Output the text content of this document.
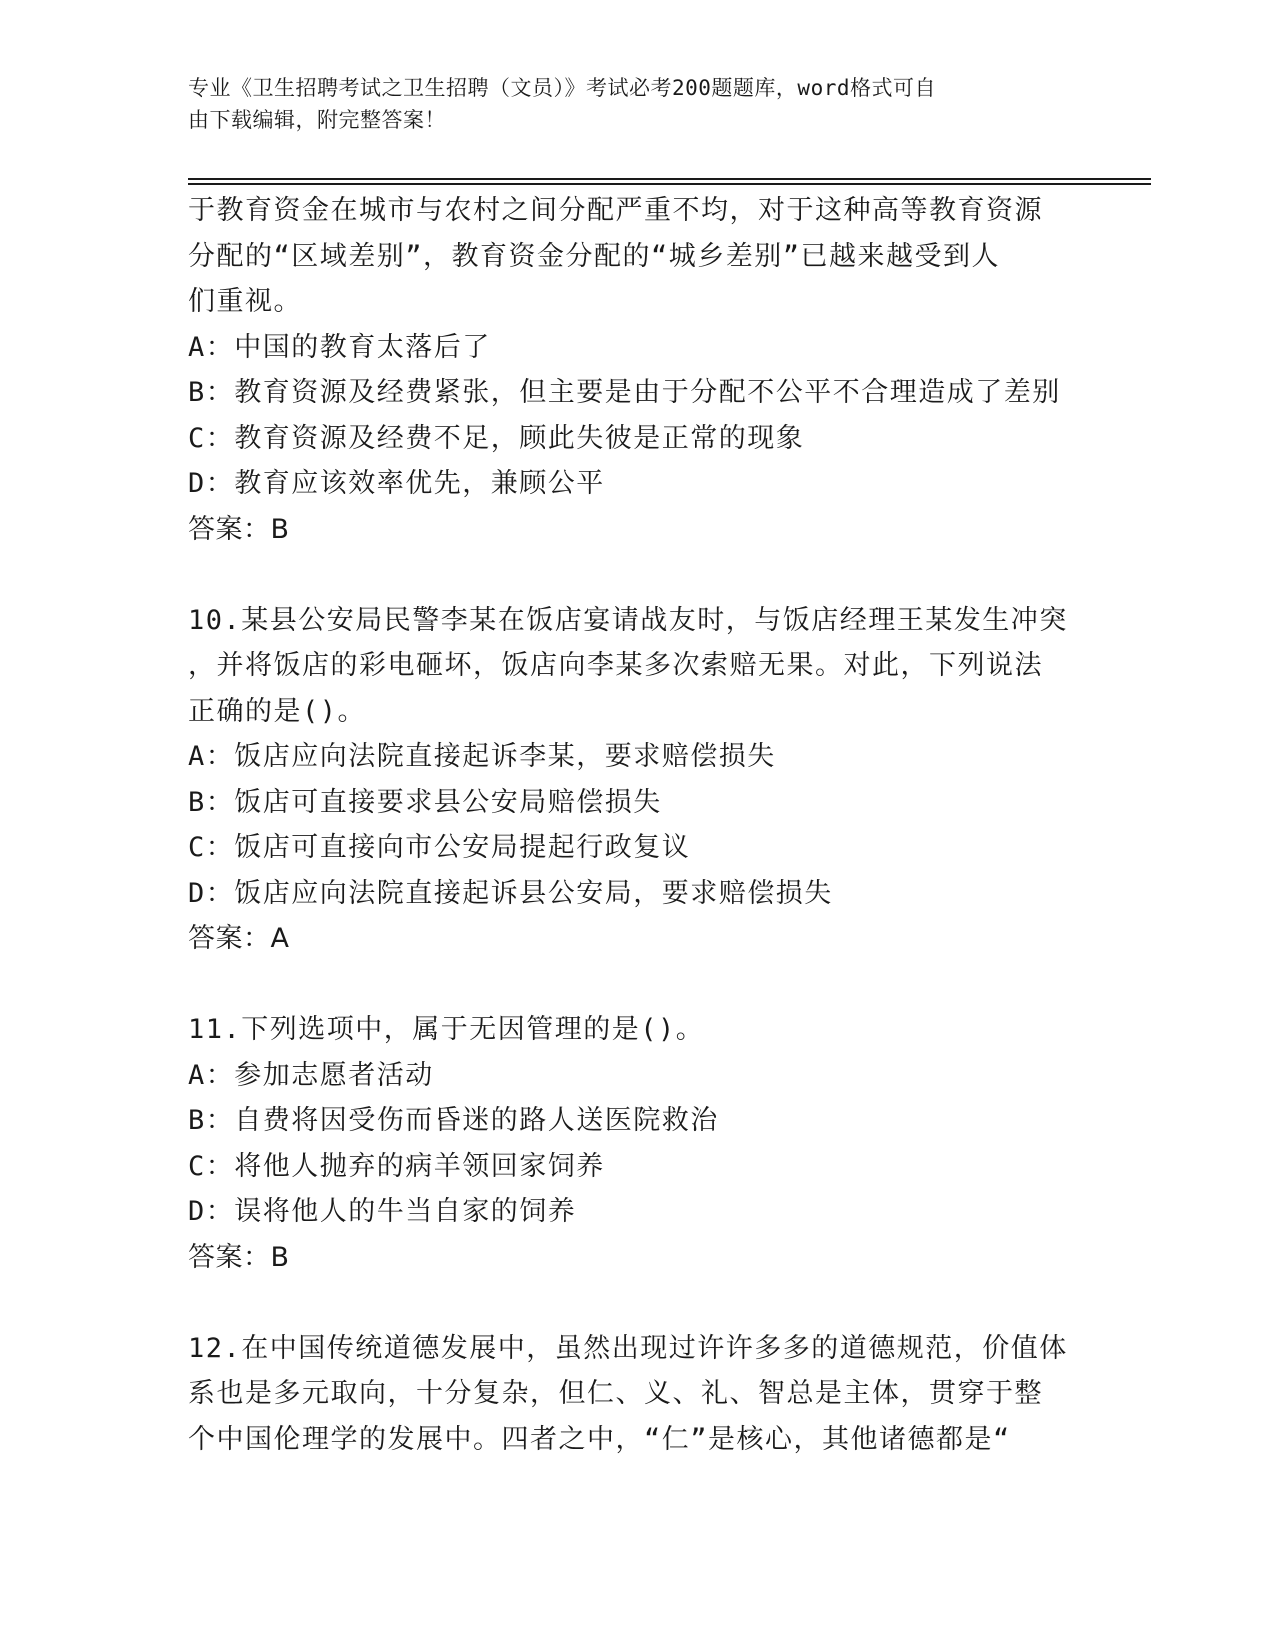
专业《卫生招聘考试之卫生招聘（文员）》考试必考200题题库，word格式可自
由下载编辑，附完整答案！

于教育资金在城市与农村之间分配严重不均，对于这种高等教育资源

分配的“区域差别”，教育资金分配的“城乡差别”已越来越受到人

们重视。

A：中国的教育太落后了

B：教育资源及经费紧张，但主要是由于分配不公平不合理造成了差别

C：教育资源及经费不足，顾此失彼是正常的现象

D：教育应该效率优先，兼顾公平

答案：B

10.某县公安局民警李某在饭店宴请战友时，与饭店经理王某发生冲突

，并将饭店的彩电砸坏，饭店向李某多次索赔无果。对此，下列说法

正确的是()。

A：饭店应向法院直接起诉李某，要求赔偿损失

B：饭店可直接要求县公安局赔偿损失

C：饭店可直接向市公安局提起行政复议

D：饭店应向法院直接起诉县公安局，要求赔偿损失

答案：A

11.下列选项中，属于无因管理的是()。

A：参加志愿者活动

B：自费将因受伤而昏迷的路人送医院救治

C：将他人抛弃的病羊领回家饲养

D：误将他人的牛当自家的饲养

答案：B

12.在中国传统道德发展中，虽然出现过许许多多的道德规范，价值体

系也是多元取向，十分复杂，但仁、义、礼、智总是主体，贯穿于整

个中国伦理学的发展中。四者之中，“仁”是核心，其他诸德都是“
